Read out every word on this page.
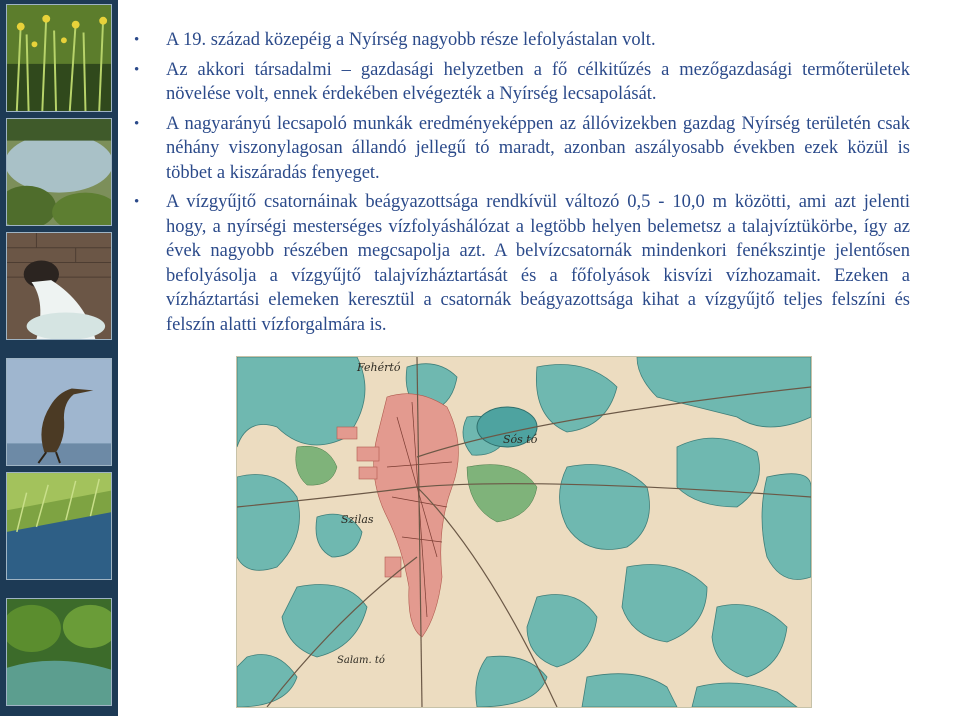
• A 19. század közepéig a Nyírség nagyobb része lefolyástalan volt.
• Az akkori társadalmi – gazdasági helyzetben a fő célkitűzés a mezőgazdasági termőterületek növelése volt, ennek érdekében elvégezték a Nyírség lecsapolását.
• A nagyarányú lecsapoló munkák eredményeképpen az állóvizekben gazdag Nyírség területén csak néhány viszonylagosan állandó jellegű tó maradt, azonban aszályosabb években ezek közül is többet a kiszáradás fenyeget.
• A vízgyűjtő csatornáinak beágyazottsága rendkívül változó 0,5 - 10,0 m közötti, ami azt jelenti hogy, a nyírségi mesterséges vízfolyáshálózat a legtöbb helyen belemetsz a talajvíztükörbe, így az évek nagyobb részében megcsapolja azt. A belvízcsatornák mindenkori fenékszintje jelentősen befolyásolja a vízgyűjtő talajvízháztartását és a főfolyások kisvízi vízhozamait. Ezeken a vízháztartási elemeken keresztül a csatornák beágyazottsága kihat a vízgyűjtő teljes felszíni és felszín alatti vízforgalmára is.
Fehértó
Sós tó
Szilas
Salam. tó
